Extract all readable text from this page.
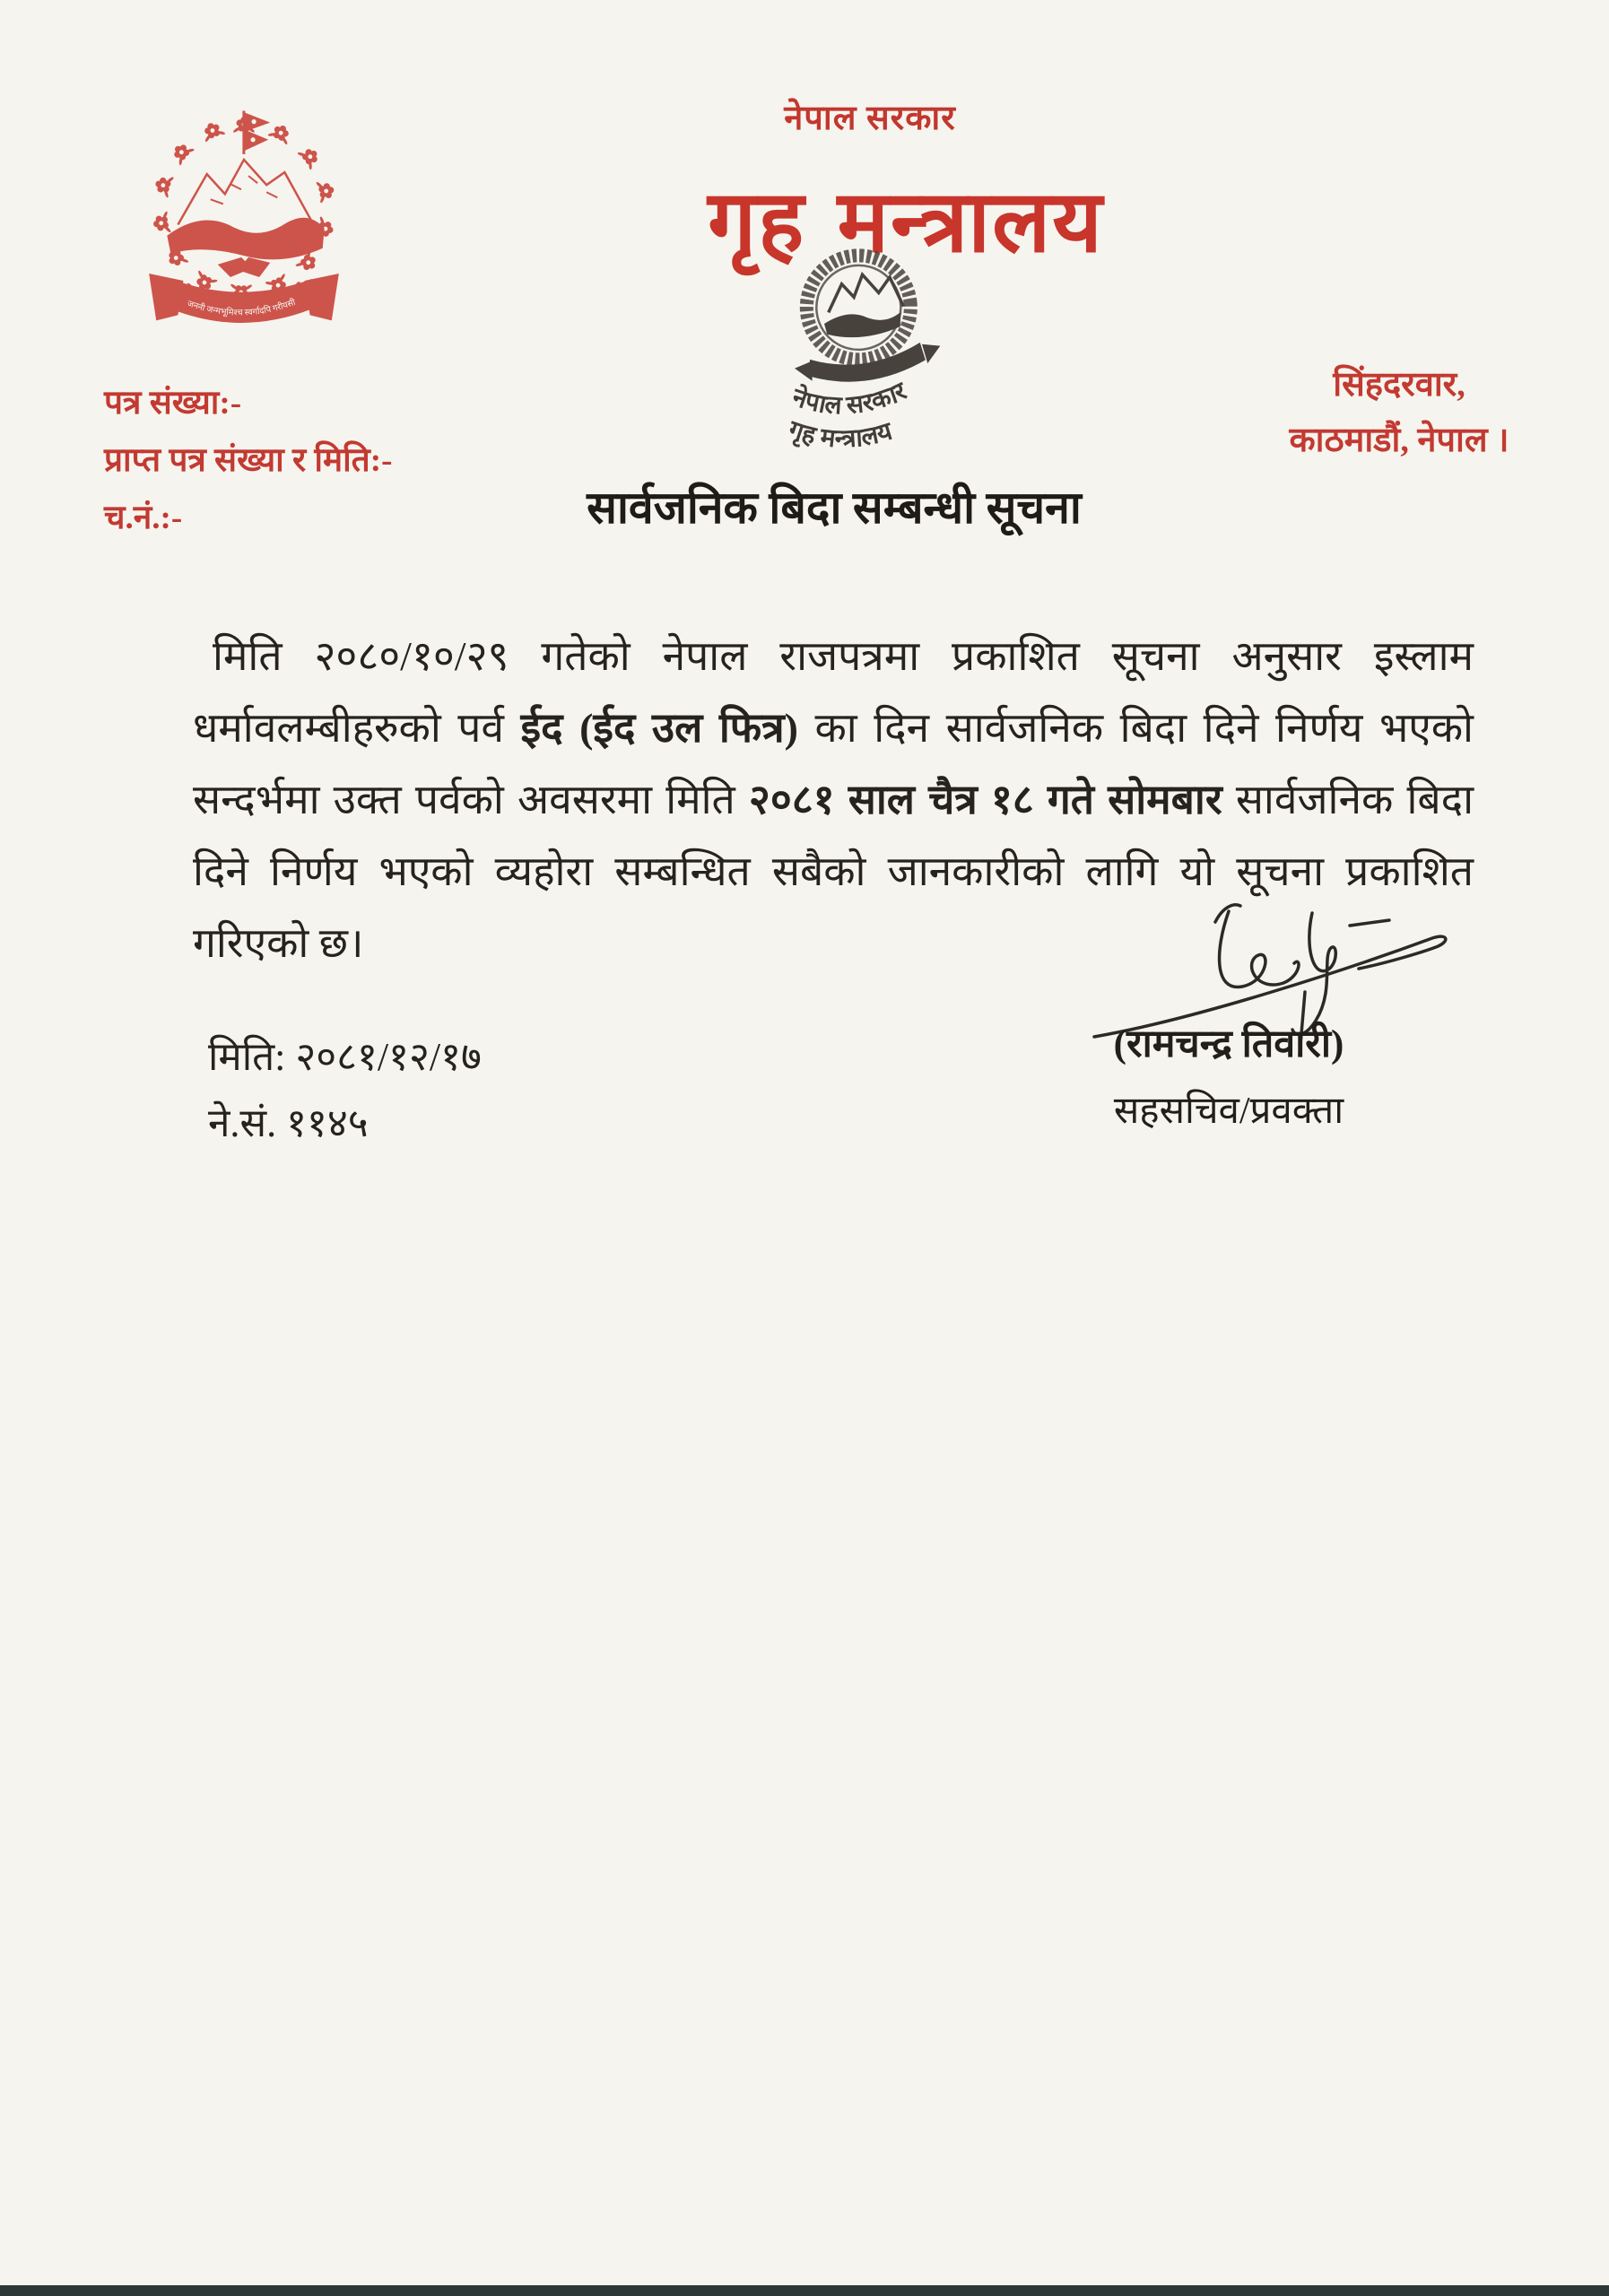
जननी जन्मभूमिश्च स्वर्गादपि गरीयसी
नेपाल सरकार
गृह मन्त्रालय
नेपाल सरकार
गृह मन्त्रालय
पत्र संख्या:-
प्राप्त पत्र संख्या र मिति:-
च.नं.:-
सिंहदरवार,
काठमाडौं, नेपाल ।
सार्वजनिक बिदा सम्बन्धी सूचना
मिति २०८०/१०/२९ गतेको नेपाल राजपत्रमा प्रकाशित सूचना अनुसार इस्लाम धर्मावलम्बीहरुको पर्व ईद (ईद उल फित्र) का दिन सार्वजनिक बिदा दिने निर्णय भएको सन्दर्भमा उक्त पर्वको अवसरमा मिति २०८१ साल चैत्र १८ गते सोमबार सार्वजनिक बिदा दिने निर्णय भएको व्यहोरा सम्बन्धित सबैको जानकारीको लागि यो सूचना प्रकाशित गरिएको छ।
मिति: २०८१/१२/१७
ने.सं. ११४५
(रामचन्द्र तिवारी)
सहसचिव/प्रवक्ता
